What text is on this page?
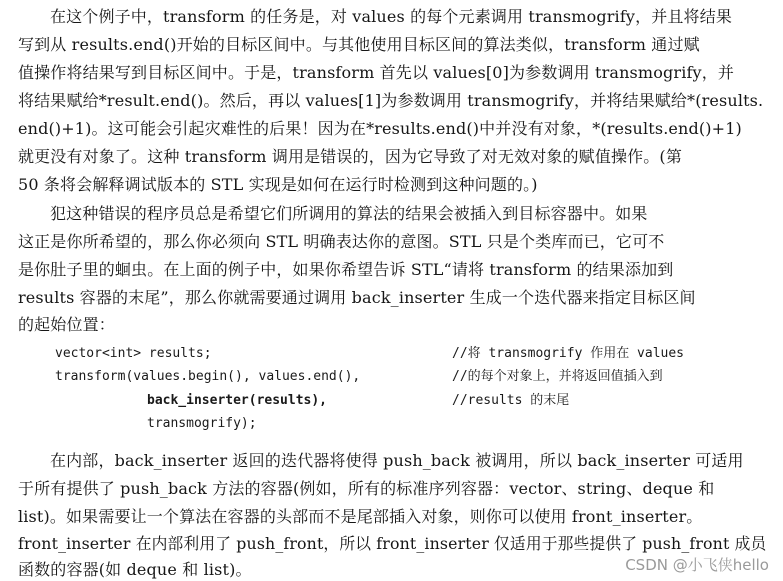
在这个例子中，transform 的任务是，对 values 的每个元素调用 transmogrify，并且将结果

写到从 results.end()开始的目标区间中。与其他使用目标区间的算法类似，transform 通过赋

值操作将结果写到目标区间中。于是，transform 首先以 values[0]为参数调用 transmogrify，并

将结果赋给*result.end()。然后，再以 values[1]为参数调用 transmogrify，并将结果赋给*(results.

end()+1)。这可能会引起灾难性的后果！因为在*results.end()中并没有对象，*(results.end()+1)

就更没有对象了。这种 transform 调用是错误的，因为它导致了对无效对象的赋值操作。(第

50 条将会解释调试版本的 STL 实现是如何在运行时检测到这种问题的。)

犯这种错误的程序员总是希望它们所调用的算法的结果会被插入到目标容器中。如果

这正是你所希望的，那么你必须向 STL 明确表达你的意图。STL 只是个类库而已，它可不

是你肚子里的蛔虫。在上面的例子中，如果你希望告诉 STL“请将 transform 的结果添加到

results 容器的末尾”，那么你就需要通过调用 back_inserter 生成一个迭代器来指定目标区间

的起始位置：

vector<int> results;

transform(values.begin(), values.end(),

back_inserter(results),

transmogrify);

//将 transmogrify 作用在 values

//的每个对象上，并将返回值插入到

//results 的末尾

在内部，back_inserter 返回的迭代器将使得 push_back 被调用，所以 back_inserter 可适用

于所有提供了 push_back 方法的容器(例如，所有的标准序列容器：vector、string、deque 和

list)。如果需要让一个算法在容器的头部而不是尾部插入对象，则你可以使用 front_inserter。

front_inserter 在内部利用了 push_front，所以 front_inserter 仅适用于那些提供了 push_front 成员

函数的容器(如 deque 和 list)。	CSDN @小飞侠hello
